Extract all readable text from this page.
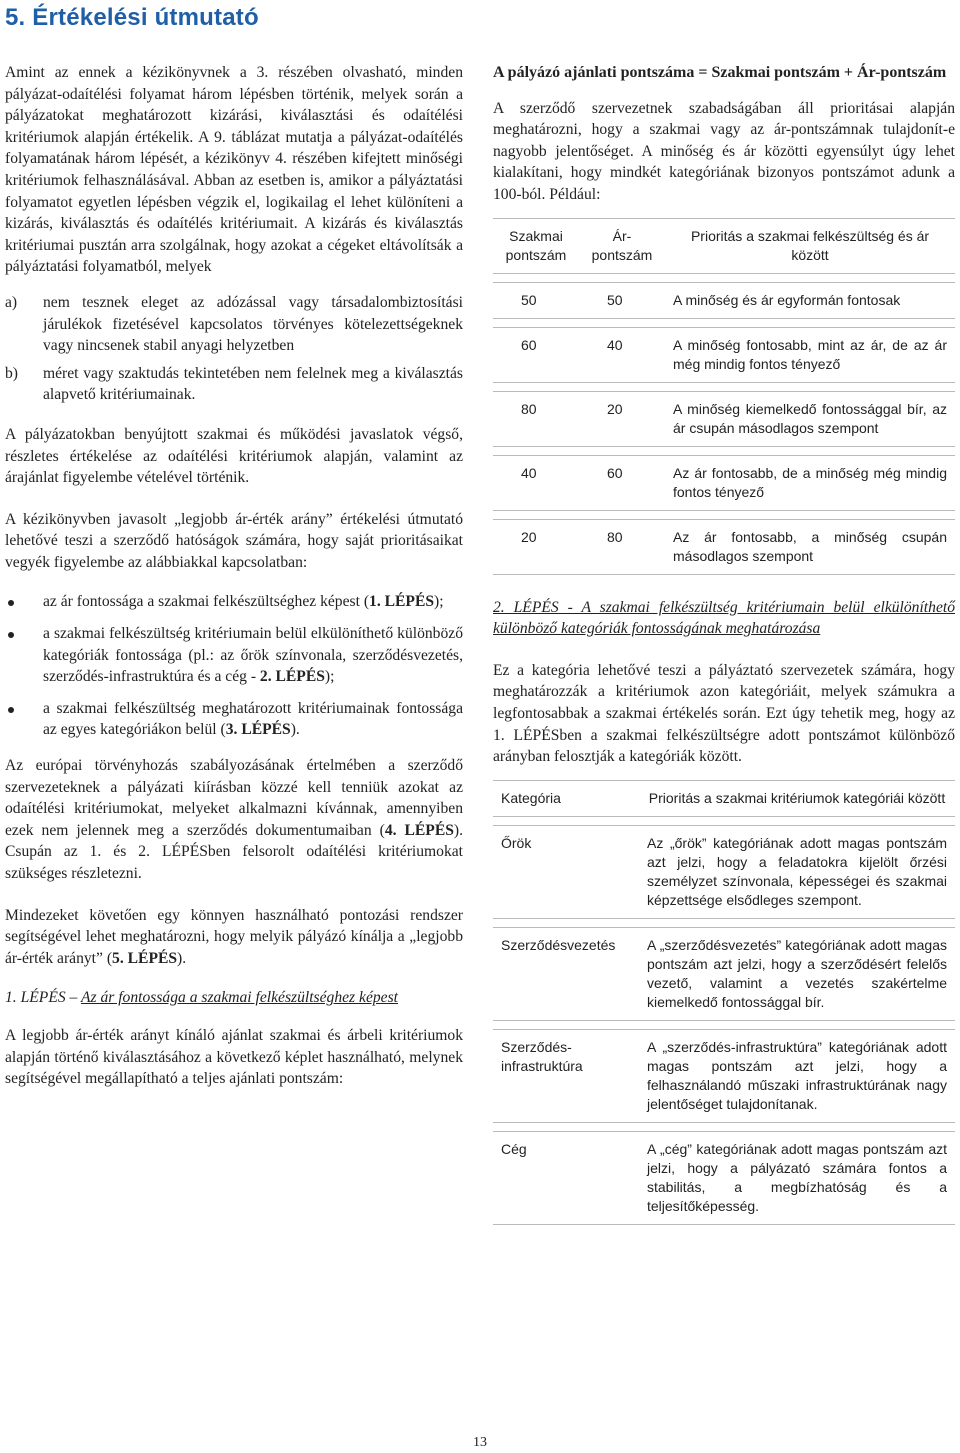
5. Értékelési útmutató

Amint az ennek a kézikönyvnek a 3. részében olvasható, minden pályázat-odaítélési folyamat három lépésben történik, melyek során a pályázatokat meghatározott kizárási, kiválasztási és odaítélési kritériumok alapján értékelik. A 9. táblázat mutatja a pályázat-odaítélés folyamatának három lépését, a kézikönyv 4. részében kifejtett minőségi kritériumok felhasználásával. Abban az esetben is, amikor a pályáztatási folyamatot egyetlen lépésben végzik el, logikailag el lehet különíteni a kizárás, kiválasztás és odaítélés kritériumait. A kizárás és kiválasztás kritériumai pusztán arra szolgálnak, hogy azokat a cégeket eltávolítsák a pályáztatási folyamatból, melyek

a) nem tesznek eleget az adózással vagy társadalombiztosítási járulékok fizetésével kapcsolatos törvényes kötelezettségeknek vagy nincsenek stabil anyagi helyzetben
b) méret vagy szaktudás tekintetében nem felelnek meg a kiválasztás alapvető kritériumainak.

A pályázatokban benyújtott szakmai és működési javaslatok végső, részletes értékelése az odaítélési kritériumok alapján, valamint az árajánlat figyelembe vételével történik.

A kézikönyvben javasolt „legjobb ár-érték arány” értékelési útmutató lehetővé teszi a szerződő hatóságok számára, hogy saját prioritásaikat vegyék figyelembe az alábbiakkal kapcsolatban:

az ár fontossága a szakmai felkészültséghez képest (1. LÉPÉS);
a szakmai felkészültség kritériumain belül elkülöníthető különböző kategóriák fontossága (pl.: az őrök színvonala, szerződésvezetés, szerződés-infrastruktúra és a cég - 2. LÉPÉS);
a szakmai felkészültség meghatározott kritériumainak fontossága az egyes kategóriákon belül (3. LÉPÉS).

Az európai törvényhozás szabályozásának értelmében a szerződő szervezeteknek a pályázati kiírásban közzé kell tenniük azokat az odaítélési kritériumokat, melyeket alkalmazni kívánnak, amennyiben ezek nem jelennek meg a szerződés dokumentumaiban (4. LÉPÉS). Csupán az 1. és 2. LÉPÉSben felsorolt odaítélési kritériumokat szükséges részletezni.

Mindezeket követően egy könnyen használható pontozási rendszer segítségével lehet meghatározni, hogy melyik pályázó kínálja a „legjobb ár-érték arányt” (5. LÉPÉS).

1. LÉPÉS – Az ár fontossága a szakmai felkészültséghez képest

A legjobb ár-érték arányt kínáló ajánlat szakmai és árbeli kritériumok alapján történő kiválasztásához a következő képlet használható, melynek segítségével megállapítható a teljes ajánlati pontszám:

A pályázó ajánlati pontszáma = Szakmai pontszám + Ár-pontszám

A szerződő szervezetnek szabadságában áll prioritásai alapján meghatározni, hogy a szakmai vagy az ár-pontszámnak tulajdonít-e nagyobb jelentőséget. A minőség és ár közötti egyensúlyt úgy lehet kialakítani, hogy mindkét kategóriának bizonyos pontszámot adunk a 100-ból. Például:

Szakmai pontszám	Ár-pontszám	Prioritás a szakmai felkészültség és ár között

50	50	A minőség és ár egyformán fontosak

60	40	A minőség fontosabb, mint az ár, de az ár még mindig fontos tényező

80	20	A minőség kiemelkedő fontossággal bír, az ár csupán másodlagos szempont

40	60	Az ár fontosabb, de a minőség még mindig fontos tényező

20	80	Az ár fontosabb, a minőség csupán másodlagos szempont

2. LÉPÉS - A szakmai felkészültség kritériumain belül elkülöníthető különböző kategóriák fontosságának meghatározása

Ez a kategória lehetővé teszi a pályáztató szervezetek számára, hogy meghatározzák a kritériumok azon kategóriáit, melyek számukra a legfontosabbak a szakmai értékelés során. Ezt úgy tehetik meg, hogy az 1. LÉPÉSben a szakmai felkészültségre adott pontszámot különböző arányban felosztják a kategóriák között.

Kategória	Prioritás a szakmai kritériumok kategóriái között

Őrök	Az „őrök” kategóriának adott magas pontszám azt jelzi, hogy a feladatokra kijelölt őrzési személyzet színvonala, képességei és szakmai képzettsége elsődleges szempont.

Szerződésvezetés	A „szerződésvezetés” kategóriának adott magas pontszám azt jelzi, hogy a szerződésért felelős vezető, valamint a vezetés szakértelme kiemelkedő fontossággal bír.

Szerződés-infrastruktúra	A „szerződés-infrastruktúra” kategóriának adott magas pontszám azt jelzi, hogy a felhasználandó műszaki infrastruktúrának nagy jelentőséget tulajdonítanak.

Cég	A „cég” kategóriának adott magas pontszám azt jelzi, hogy a pályázató számára fontos a stabilitás, a megbízhatóság és a teljesítőképesség.
13
